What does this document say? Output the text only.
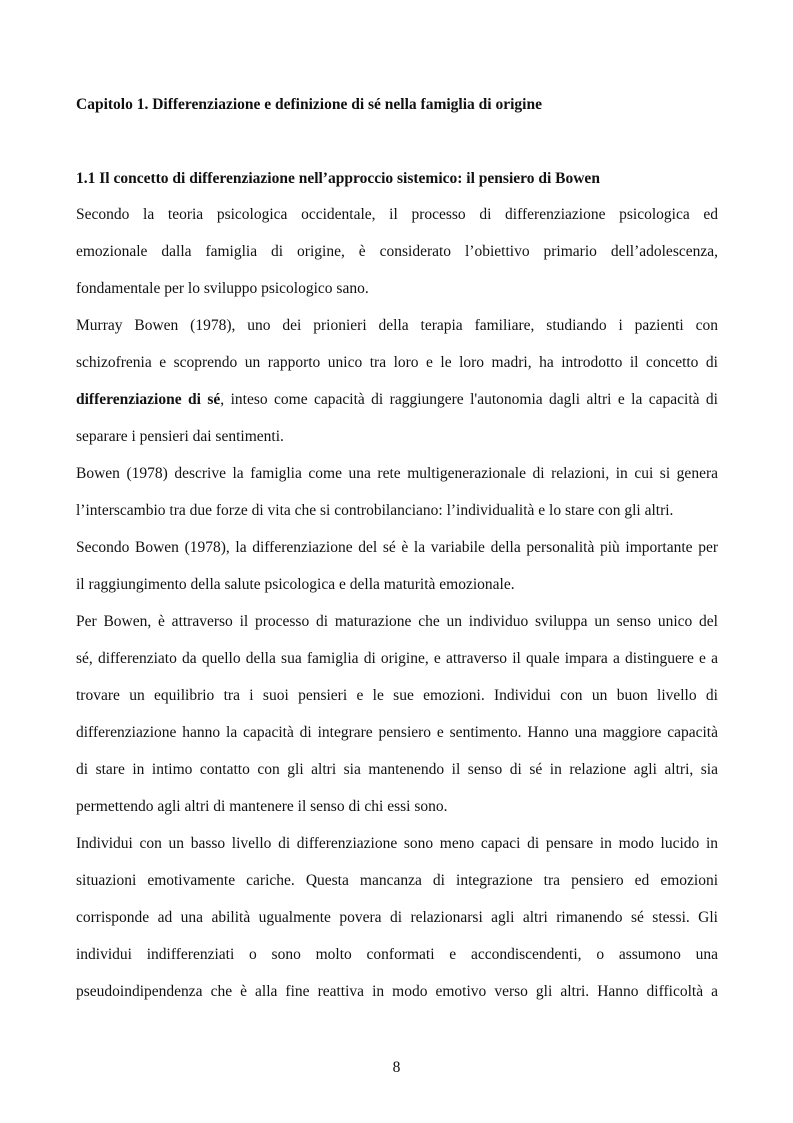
Capitolo 1. Differenziazione e definizione di sé nella famiglia di origine
1.1 Il concetto di differenziazione nell’approccio sistemico: il pensiero di Bowen
Secondo la teoria psicologica occidentale, il processo di differenziazione psicologica ed
emozionale dalla famiglia di origine, è considerato l’obiettivo primario dell’adolescenza,
fondamentale per lo sviluppo psicologico sano.
Murray Bowen (1978), uno dei prionieri della terapia familiare, studiando i pazienti con
schizofrenia e scoprendo un rapporto unico tra loro e le loro madri, ha introdotto il concetto di
differenziazione di sé, inteso come capacità di raggiungere l'autonomia dagli altri e la capacità di
separare i pensieri dai sentimenti.
Bowen (1978) descrive la famiglia come una rete multigenerazionale di relazioni, in cui si genera
l’interscambio tra due forze di vita che si controbilanciano: l’individualità e lo stare con gli altri.
Secondo Bowen (1978), la differenziazione del sé è la variabile della personalità più importante per
il raggiungimento della salute psicologica e della maturità emozionale.
Per Bowen, è attraverso il processo di maturazione che un individuo sviluppa un senso unico del
sé, differenziato da quello della sua famiglia di origine, e attraverso il quale impara a distinguere e a
trovare un equilibrio tra i suoi pensieri e le sue emozioni. Individui con un buon livello di
differenziazione hanno la capacità di integrare pensiero e sentimento. Hanno una maggiore capacità
di stare in intimo contatto con gli altri sia mantenendo il senso di sé in relazione agli altri, sia
permettendo agli altri di mantenere il senso di chi essi sono.
Individui con un basso livello di differenziazione sono meno capaci di pensare in modo lucido in
situazioni emotivamente cariche. Questa mancanza di integrazione tra pensiero ed emozioni
corrisponde ad una abilità ugualmente povera di relazionarsi agli altri rimanendo sé stessi. Gli
individui indifferenziati o sono molto conformati e accondiscendenti, o assumono una
pseudoindipendenza che è alla fine reattiva in modo emotivo verso gli altri. Hanno difficoltà a
8
